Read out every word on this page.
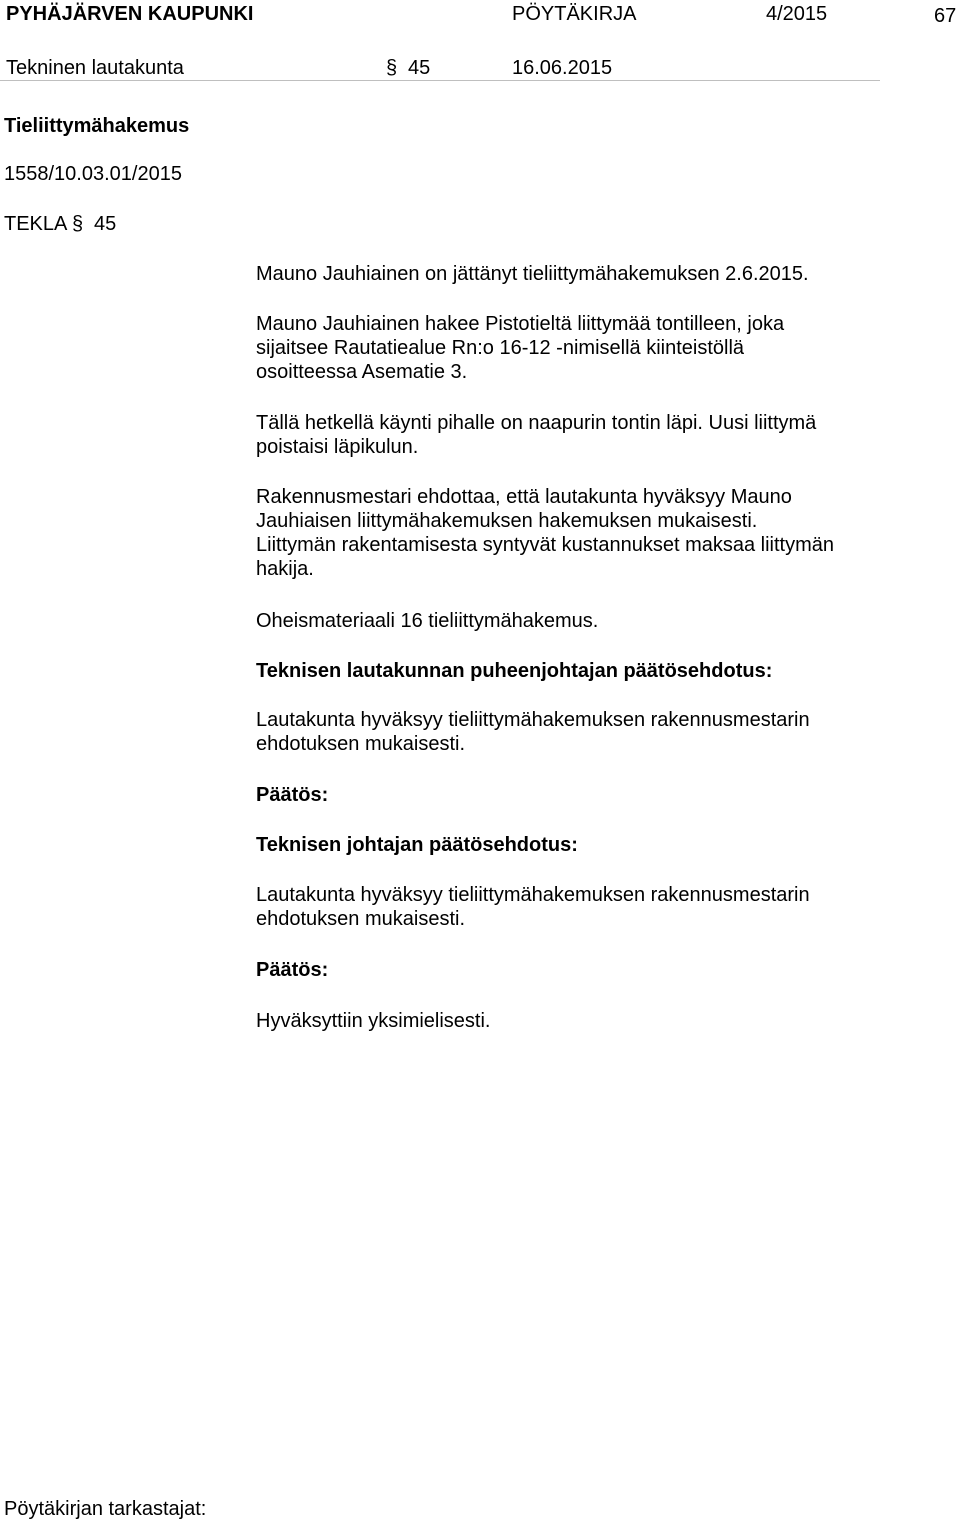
PYHÄJÄRVEN KAUPUNKI	PÖYTÄKIRJA	4/2015	67
Tekninen lautakunta	§ 45	16.06.2015
Tieliittymähakemus
1558/10.03.01/2015
TEKLA § 45
Mauno Jauhiainen on jättänyt tieliittymähakemuksen 2.6.2015.
Mauno Jauhiainen hakee Pistotieltä liittymää tontilleen, joka
sijaitsee Rautatiealue Rn:o 16-12 -nimisellä kiinteistöllä
osoitteessa Asematie 3.
Tällä hetkellä käynti pihalle on naapurin tontin läpi. Uusi liittymä
poistaisi läpikulun.
Rakennusmestari ehdottaa, että lautakunta hyväksyy Mauno
Jauhiaisen liittymähakemuksen hakemuksen mukaisesti.
Liittymän rakentamisesta syntyvät kustannukset maksaa liittymän
hakija.
Oheismateriaali 16 tieliittymähakemus.
Teknisen lautakunnan puheenjohtajan päätösehdotus:
Lautakunta hyväksyy tieliittymähakemuksen rakennusmestarin
ehdotuksen mukaisesti.
Päätös:
Teknisen johtajan päätösehdotus:
Lautakunta hyväksyy tieliittymähakemuksen rakennusmestarin
ehdotuksen mukaisesti.
Päätös:
Hyväksyttiin yksimielisesti.
Pöytäkirjan tarkastajat:
